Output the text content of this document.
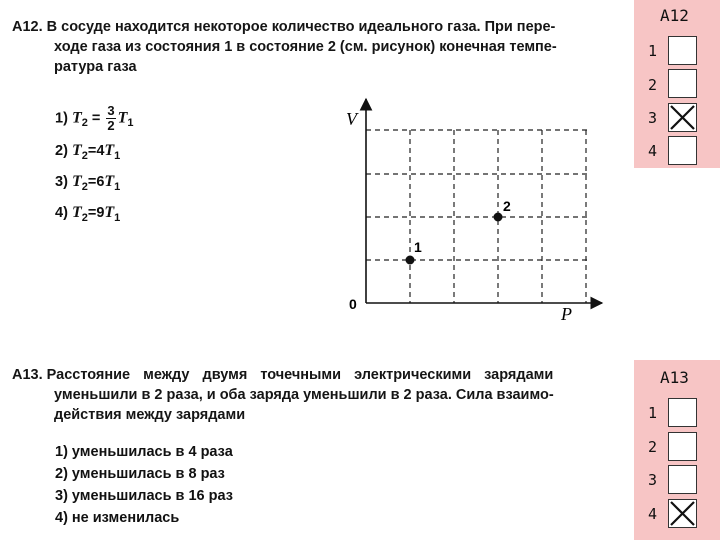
А12. В сосуде находится некоторое количество идеального газа. При пере-
ходе газа из состояния 1 в состояние 2 (см. рисунок) конечная темпе-
ратура газа
1) $T_2 = \frac{3}{2} T_1$
2) $T_2=4T_1$
3) $T_2=6T_1$
4) $T_2=9T_1$
V
P
0
1
2
А12
1
2
3
4
А13. Расстояние между двумя точечными электрическими зарядами
уменьшили в 2 раза, и оба заряда уменьшили в 2 раза. Сила взаимо-
действия между зарядами
1) уменьшилась в 4 раза
2) уменьшилась в 8 раз
3) уменьшилась в 16 раз
4) не изменилась
А13
1
2
3
4
